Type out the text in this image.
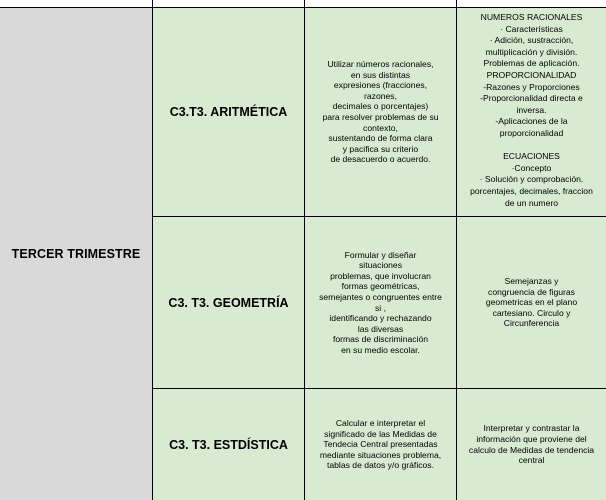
TERCER TRIMESTRE
C3.T3. ARITMÉTICA
Utilizar números racionales,
en sus distintas
expresiones (fracciones,
razones,
decimales o porcentajes)
para resolver problemas de su
contexto,
sustentando de forma clara
y pacifica su criterio
de desacuerdo o acuerdo.
NUMEROS RACIONALES
· Características
· Adición, sustracción,
multiplicación y división.
Problemas de aplicación.
PROPORCIONALIDAD
-Razones y Proporciones
-Proporcionalidad directa e
inversa.
-Aplicaciones de la
proporcionalidad

ECUACIONES
·Concepto
· Solución y comprobación.
porcentajes, decimales, fraccion
de un numero
C3. T3. GEOMETRÍA
Formular y diseñar
situaciones
problemas, que involucran
formas geométricas,
semejantes o congruentes entre
si ,
identificando y rechazando
las diversas
formas de discriminación
en su medio escolar.
Semejanzas y
congruencia de figuras
geometricas en el plano
cartesiano. Circulo y
Circunferencia
C3. T3. ESTDÍSTICA
Calcular e interpretar el
significado de las Medidas de
Tendecia Central presentadas
mediante situaciones problema,
tablas de datos y/o gráficos.
Interpretar y contrastar la
información que proviene del
calculo de Medidas de tendencia
central
